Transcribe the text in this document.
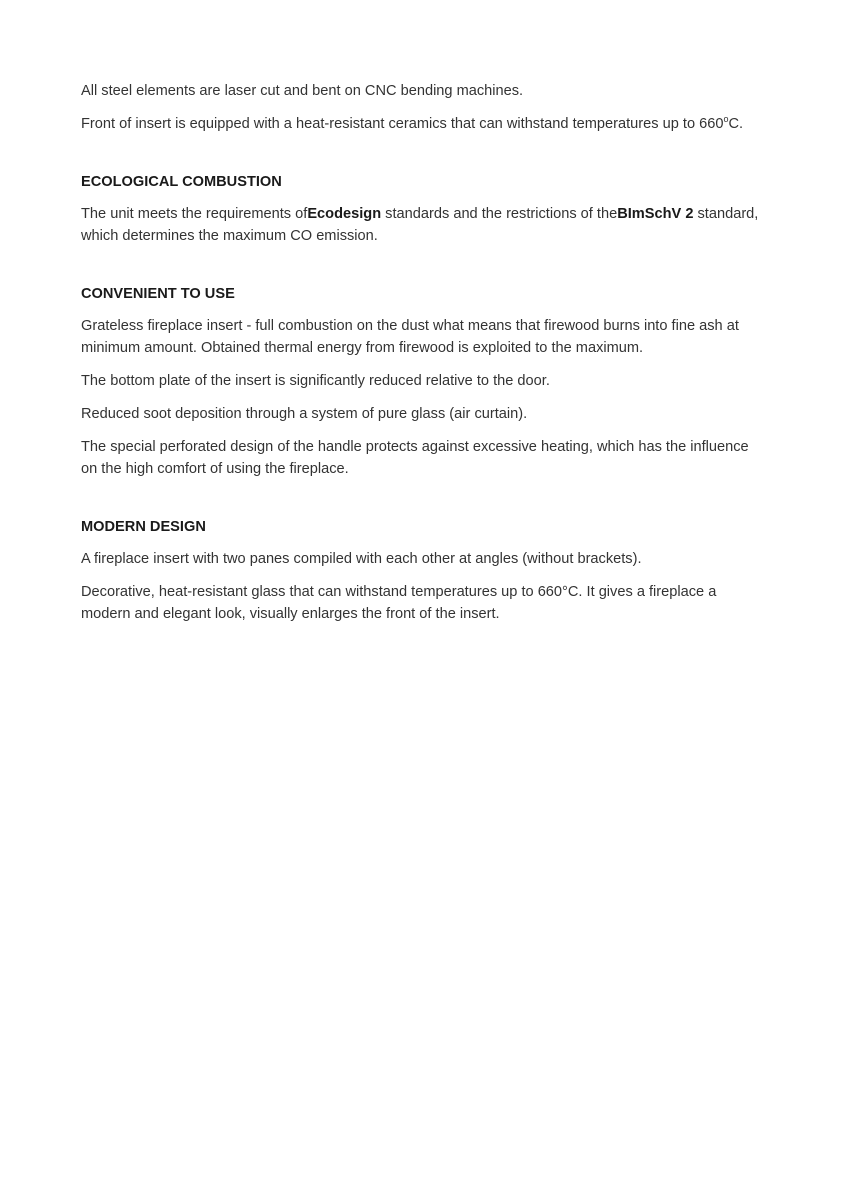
All steel elements are laser cut and bent on CNC bending machines.

Front of insert is equipped with a heat-resistant ceramics that can withstand temperatures up to 660$^o$C.

ECOLOGICAL COMBUSTION

The unit meets the requirements ofEcodesign standards and the restrictions of theBImSchV 2 standard, which determines the maximum CO emission.

CONVENIENT TO USE

Grateless fireplace insert - full combustion on the dust what means that firewood burns into fine ash at minimum amount. Obtained thermal energy from firewood is exploited to the maximum.

The bottom plate of the insert is significantly reduced relative to the door.

Reduced soot deposition through a system of pure glass (air curtain).

The special perforated design of the handle protects against excessive heating, which has the influence on the high comfort of using the fireplace.

MODERN DESIGN

A fireplace insert with two panes compiled with each other at angles (without brackets).

Decorative, heat-resistant glass that can withstand temperatures up to 660°C. It gives a fireplace a modern and elegant look, visually enlarges the front of the insert.
